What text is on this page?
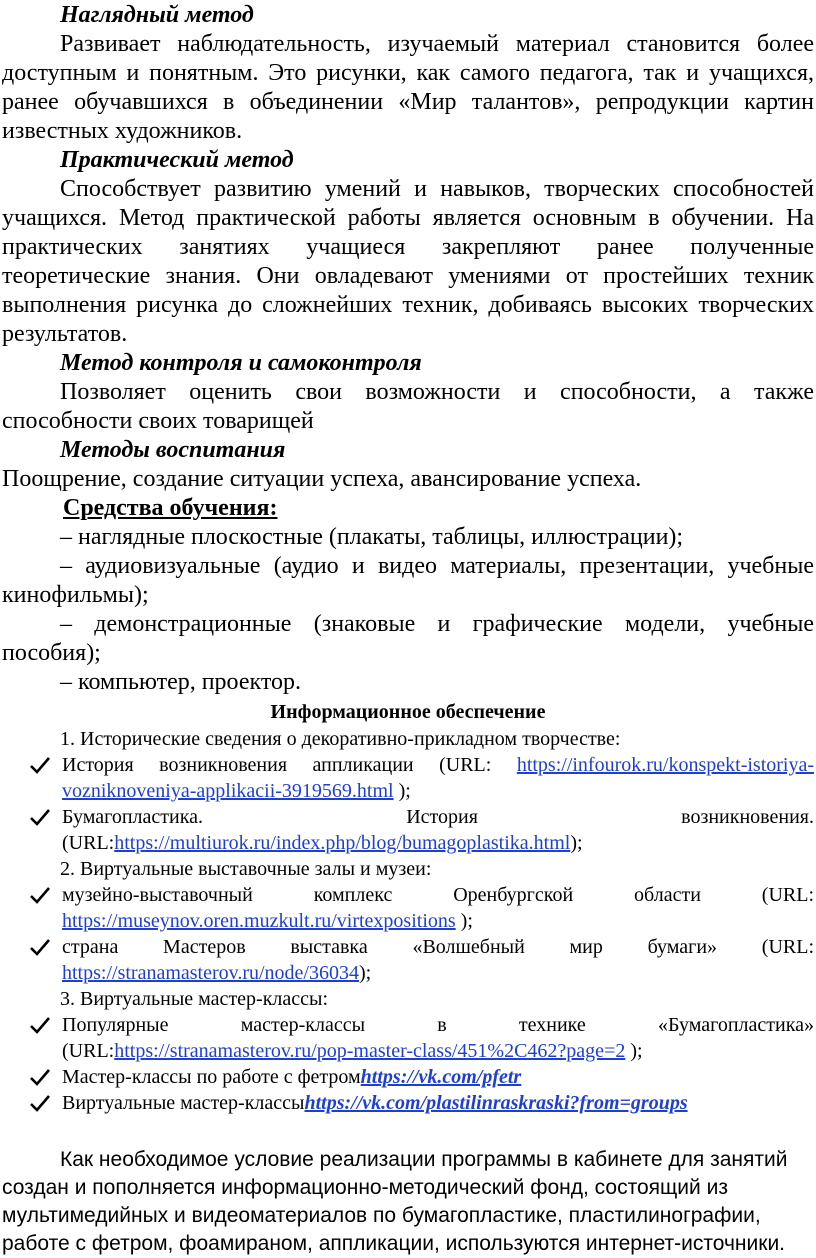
Наглядный метод

Развивает наблюдательность, изучаемый материал становится более доступным и понятным. Это рисунки, как самого педагога, так и учащихся, ранее обучавшихся в объединении «Мир талантов», репродукции картин известных художников.

Практический метод

Способствует развитию умений и навыков, творческих способностей учащихся. Метод практической работы является основным в обучении. На практических занятиях учащиеся закрепляют ранее полученные теоретические знания. Они овладевают умениями от простейших техник выполнения рисунка до сложнейших техник, добиваясь высоких творческих результатов.

Метод контроля и самоконтроля

Позволяет оценить свои возможности и способности, а также способности своих товарищей

Методы воспитания

Поощрение, создание ситуации успеха, авансирование успеха.

Средства обучения:

– наглядные плоскостные (плакаты, таблицы, иллюстрации);

– аудиовизуальные (аудио и видео материалы, презентации, учебные кинофильмы);

– демонстрационные (знаковые и графические модели, учебные пособия);

– компьютер, проектор.

Информационное обеспечение

1. Исторические сведения о декоративно-прикладном творчестве:

История возникновения аппликации (URL: https://infourok.ru/konspekt-istoriya-vozniknoveniya-applikacii-3919569.html );
Бумагопластика. История возникновения.
(URL:https://multiurok.ru/index.php/blog/bumagoplastika.html);

2. Виртуальные выставочные залы и музеи:

музейно-выставочный комплекс Оренбургской области (URL: https://museynov.oren.muzkult.ru/virtexpositions );
страна Мастеров выставка «Волшебный мир бумаги» (URL: https://stranamasterov.ru/node/36034);

3. Виртуальные мастер-классы:

Популярные мастер-классы в технике «Бумагопластика»
(URL:https://stranamasterov.ru/pop-master-class/451%2C462?page=2 );
Мастер-классы по работе с фетромhttps://vk.com/pfetr
Виртуальные мастер-классыhttps://vk.com/plastilinraskraski?from=groups

Как необходимое условие реализации программы в кабинете для занятий создан и пополняется информационно-методический фонд, состоящий из мультимедийных и видеоматериалов по бумагопластике, пластилинографии, работе с фетром, фоамираном, аппликации, используются интернет-источники.
